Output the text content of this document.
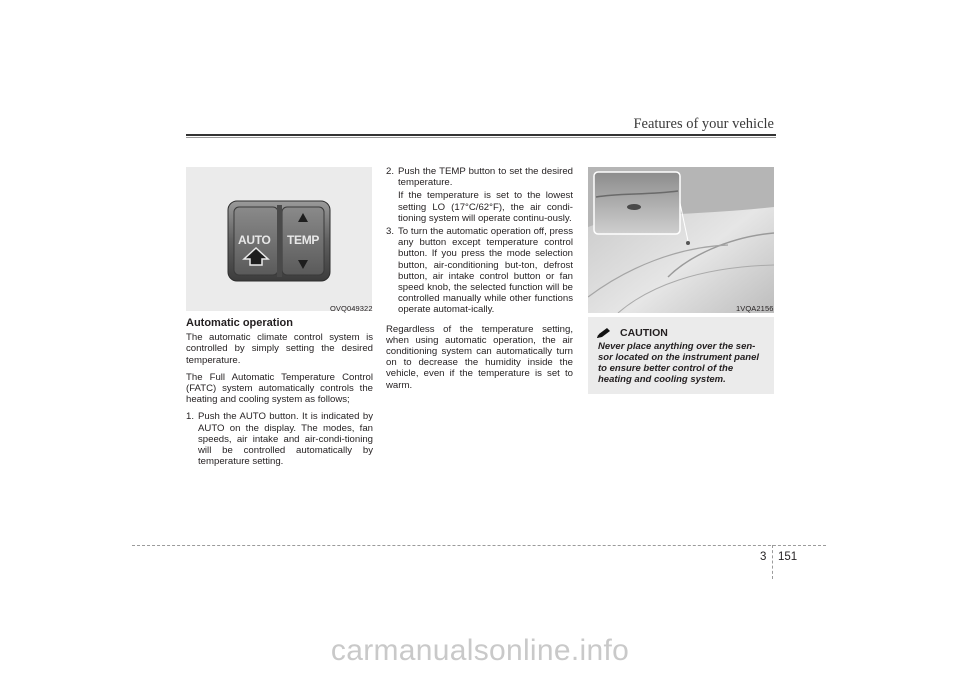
Features of your vehicle
AUTO TEMP
OVQ049322	1VQA2156
Automatic operation

The automatic climate control system is controlled by simply setting the desired temperature.

The Full Automatic Temperature Control (FATC) system automatically controls the heating and cooling system as follows;

1. Push the AUTO button. It is indicated by AUTO on the display. The modes, fan speeds, air intake and air-condi-tioning will be controlled automatically by temperature setting.
2. Push the TEMP button to set the desired temperature.
If the temperature is set to the lowest setting LO (17°C/62°F), the air condi-tioning system will operate continu-ously.
3. To turn the automatic operation off, press any button except temperature control button. If you press the mode selection button, air-conditioning but-ton, defrost button, air intake control button or fan speed knob, the selected function will be controlled manually while other functions operate automat-ically.

Regardless of the temperature setting, when using automatic operation, the air conditioning system can automatically turn on to decrease the humidity inside the vehicle, even if the temperature is set to warm.

CAUTION
Never place anything over the sen-sor located on the instrument panel to ensure better control of the heating and cooling system.
3 151
carmanualsonline.info
